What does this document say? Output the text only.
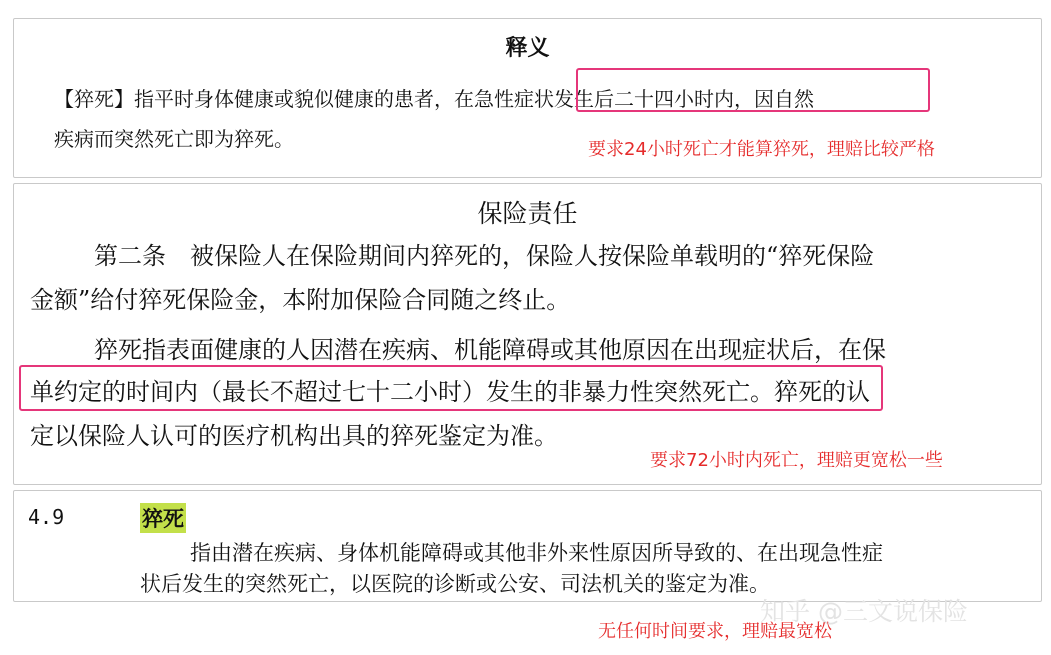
释义
【猝死】指平时身体健康或貌似健康的患者，在急性症状发生后二十四小时内，因自然
疾病而突然死亡即为猝死。	要求24小时死亡才能算猝死，理赔比较严格
保险责任
第二条　被保险人在保险期间内猝死的，保险人按保险单载明的“猝死保险
金额”给付猝死保险金，本附加保险合同随之终止。
猝死指表面健康的人因潜在疾病、机能障碍或其他原因在出现症状后，在保
单约定的时间内（最长不超过七十二小时）发生的非暴力性突然死亡。猝死的认
定以保险人认可的医疗机构出具的猝死鉴定为准。
要求72小时内死亡，理赔更宽松一些
4.9	猝死
指由潜在疾病、身体机能障碍或其他非外来性原因所导致的、在出现急性症
状后发生的突然死亡，以医院的诊断或公安、司法机关的鉴定为准。
知乎 @三文说保险
无任何时间要求，理赔最宽松
